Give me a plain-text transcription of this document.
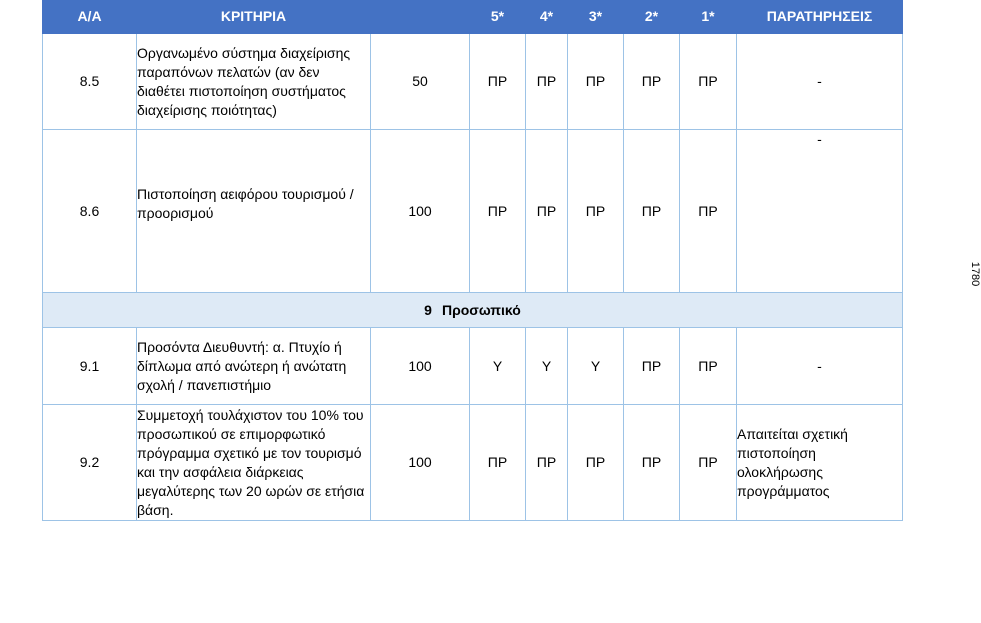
Α/Α	ΚΡΙΤΗΡΙΑ		5*	4*	3*	2*	1*	ΠΑΡΑΤΗΡΗΣΕΙΣ
8.5	Οργανωμένο σύστημα διαχείρισης παραπόνων πελατών (αν δεν διαθέτει πιστοποίηση συστήματος διαχείρισης ποιότητας)	50	ΠΡ	ΠΡ	ΠΡ	ΠΡ	ΠΡ	-
8.6	Πιστοποίηση αειφόρου τουρισμού / προορισμού	100	ΠΡ	ΠΡ	ΠΡ	ΠΡ	ΠΡ	-
9 Προσωπικό								
9.1	Προσόντα Διευθυντή: α. Πτυχίο ή δίπλωμα από ανώτερη ή ανώτατη σχολή / πανεπιστήμιο	100	Υ	Υ	Υ	ΠΡ	ΠΡ	-
9.2	Συμμετοχή τουλάχιστον του 10% του προσωπικού σε επιμορφωτικό πρόγραμμα σχετικό με τον τουρισμό και την ασφάλεια διάρκειας μεγαλύτερης των 20 ωρών σε ετήσια βάση.	100	ΠΡ	ΠΡ	ΠΡ	ΠΡ	ΠΡ	Απαιτείται σχετική πιστοποίηση ολοκλήρωσης προγράμματος
1780
